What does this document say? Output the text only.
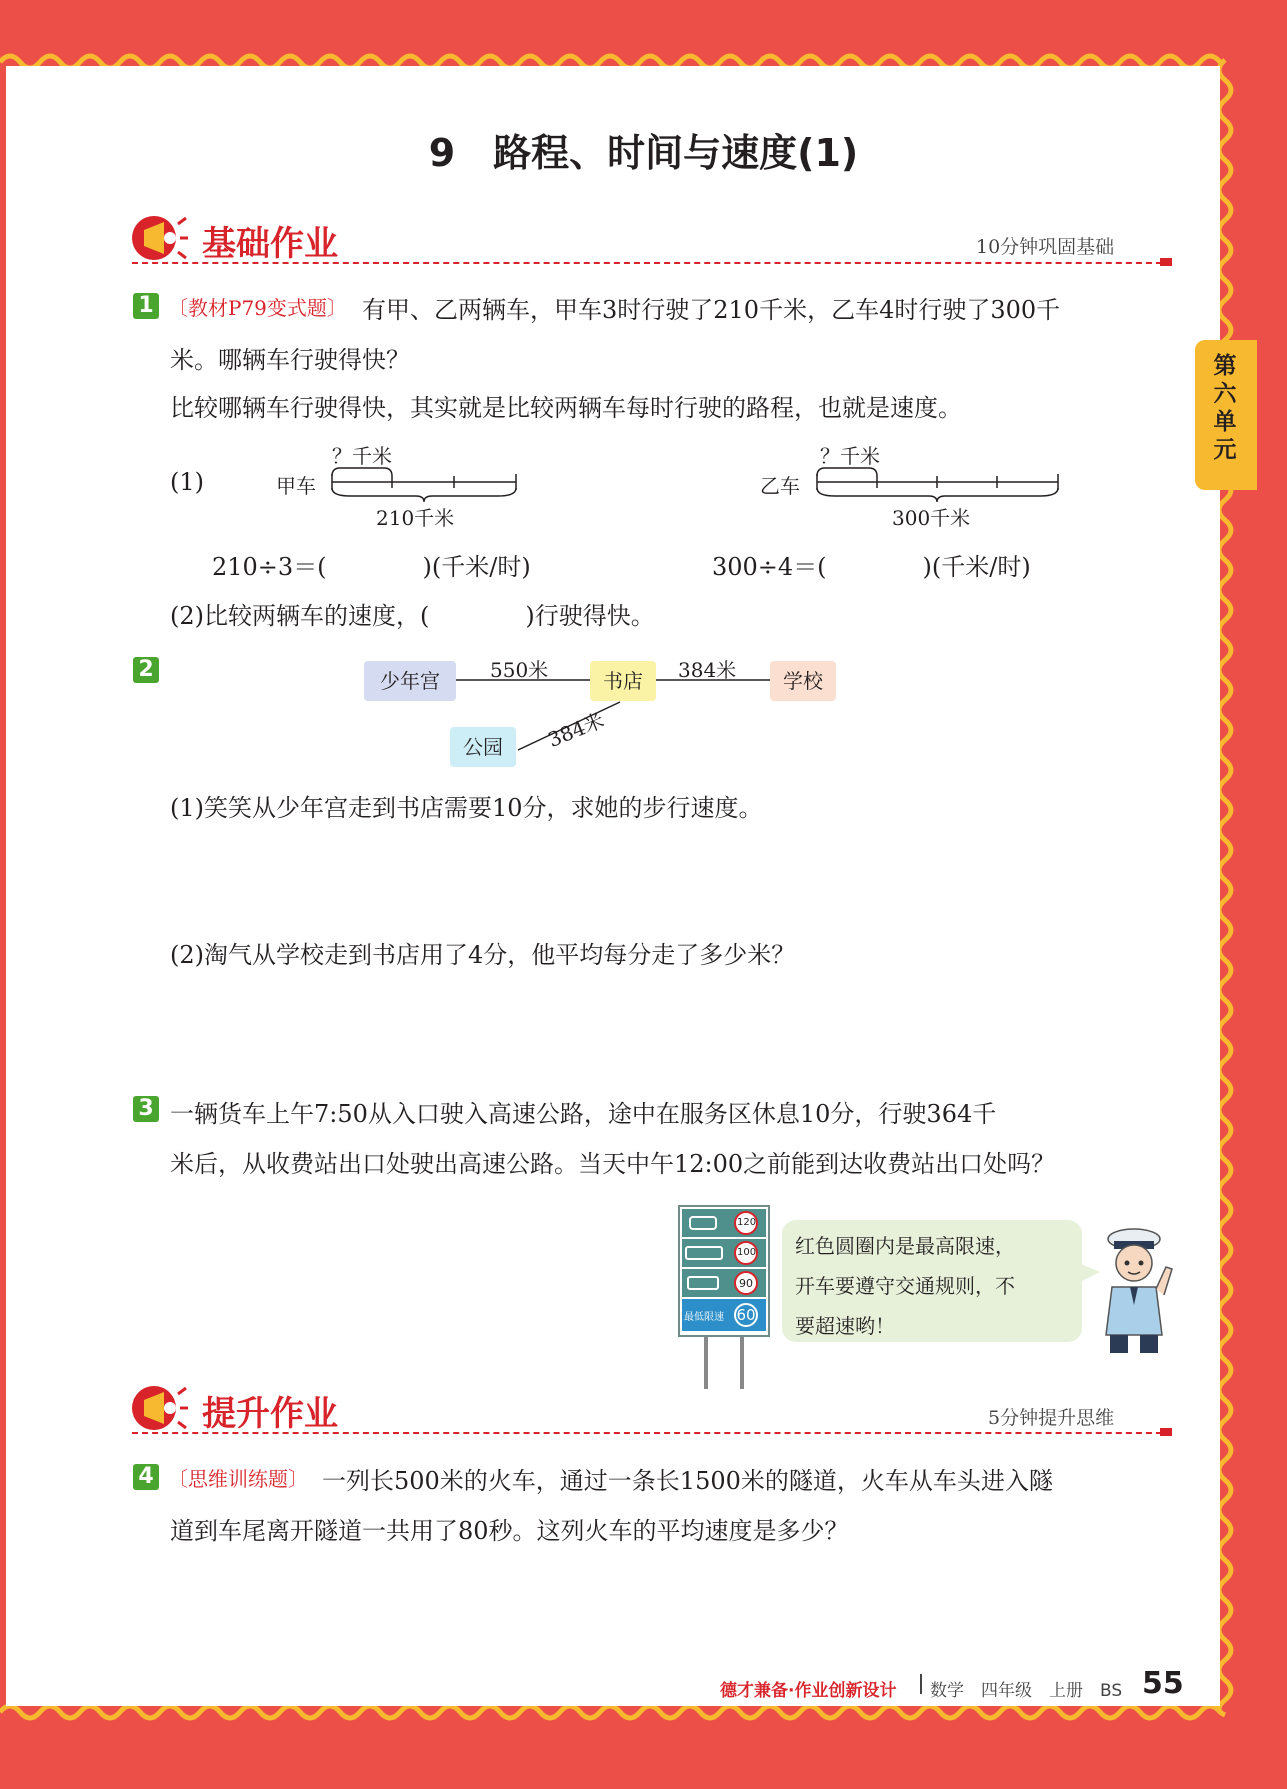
第六单元
9　路程、时间与速度(1)
基础作业	10分钟巩固基础
1 〔教材P79变式题〕 有甲、乙两辆车，甲车3时行驶了210千米，乙车4时行驶了300千
米。哪辆车行驶得快？
比较哪辆车行驶得快，其实就是比较两辆车每时行驶的路程，也就是速度。
(1)	甲车
？千米
210千米
乙车
？千米
300千米
210÷3＝(　　　　)(千米/时)	300÷4＝(　　　　)(千米/时)
(2)比较两辆车的速度，(　　　　)行驶得快。
2	少年宫	书店	学校
公园
550米	384米
384米
(1)笑笑从少年宫走到书店需要10分，求她的步行速度。
(2)淘气从学校走到书店用了4分，他平均每分走了多少米？
3 一辆货车上午7:50从入口驶入高速公路，途中在服务区休息10分，行驶364千
米后，从收费站出口处驶出高速公路。当天中午12:00之前能到达收费站出口处吗？
120
100
90
60
最低限速
红色圆圈内是最高限速，
开车要遵守交通规则，不
要超速哟！
提升作业	5分钟提升思维
4 〔思维训练题〕 一列长500米的火车，通过一条长1500米的隧道，火车从车头进入隧
道到车尾离开隧道一共用了80秒。这列火车的平均速度是多少？
德才兼备·作业创新设计 数学　四年级　上册　BS 55
